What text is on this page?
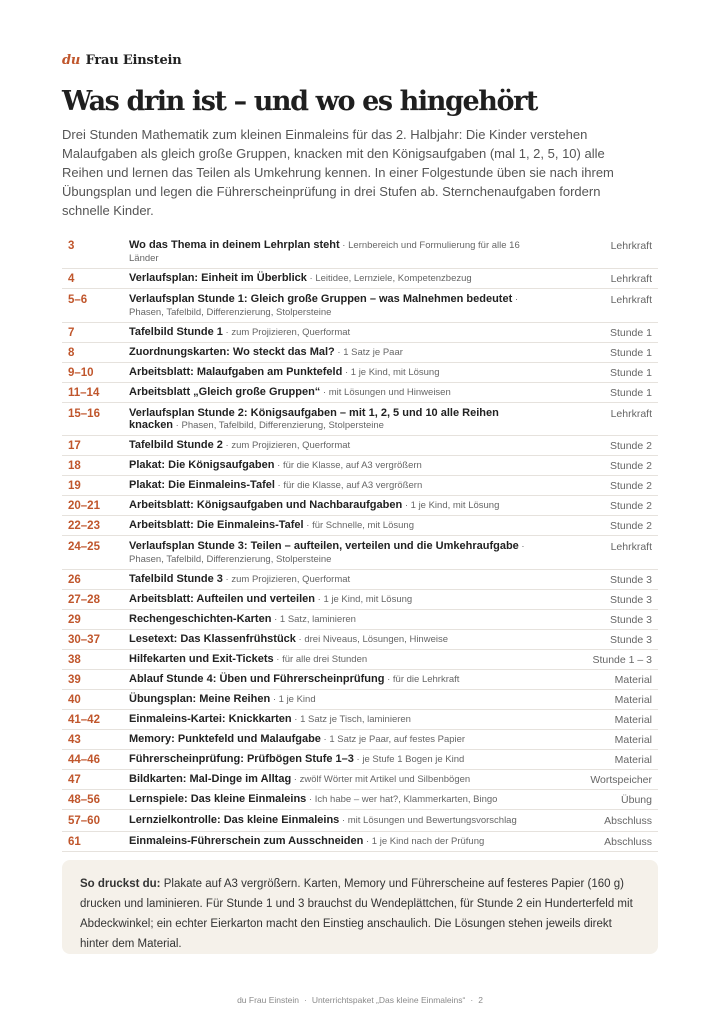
du Frau Einstein
Was drin ist – und wo es hingehört

Drei Stunden Mathematik zum kleinen Einmaleins für das 2. Halbjahr: Die Kinder verstehen Malaufgaben als gleich große Gruppen, knacken mit den Königsaufgaben (mal 1, 2, 5, 10) alle Reihen und lernen das Teilen als Umkehrung kennen. In einer Folgestunde üben sie nach ihrem Übungsplan und legen die Führerscheinprüfung in drei Stufen ab. Sternchenaufgaben fordern schnelle Kinder.

3	Wo das Thema in deinem Lehrplan steht · Lernbereich und Formulierung für alle 16 Länder	Lehrkraft
4	Verlaufsplan: Einheit im Überblick · Leitidee, Lernziele, Kompetenzbezug	Lehrkraft
5–6	Verlaufsplan Stunde 1: Gleich große Gruppen – was Malnehmen bedeutet · Phasen, Tafelbild, Differenzierung, Stolpersteine	Lehrkraft
7	Tafelbild Stunde 1 · zum Projizieren, Querformat	Stunde 1
8	Zuordnungskarten: Wo steckt das Mal? · 1 Satz je Paar	Stunde 1
9–10	Arbeitsblatt: Malaufgaben am Punktefeld · 1 je Kind, mit Lösung	Stunde 1
11–14	Arbeitsblatt „Gleich große Gruppen“ · mit Lösungen und Hinweisen	Stunde 1
15–16	Verlaufsplan Stunde 2: Königsaufgaben – mit 1, 2, 5 und 10 alle Reihen knacken · Phasen, Tafelbild, Differenzierung, Stolpersteine	Lehrkraft
17	Tafelbild Stunde 2 · zum Projizieren, Querformat	Stunde 2
18	Plakat: Die Königsaufgaben · für die Klasse, auf A3 vergrößern	Stunde 2
19	Plakat: Die Einmaleins-Tafel · für die Klasse, auf A3 vergrößern	Stunde 2
20–21	Arbeitsblatt: Königsaufgaben und Nachbaraufgaben · 1 je Kind, mit Lösung	Stunde 2
22–23	Arbeitsblatt: Die Einmaleins-Tafel · für Schnelle, mit Lösung	Stunde 2
24–25	Verlaufsplan Stunde 3: Teilen – aufteilen, verteilen und die Umkehraufgabe · Phasen, Tafelbild, Differenzierung, Stolpersteine	Lehrkraft
26	Tafelbild Stunde 3 · zum Projizieren, Querformat	Stunde 3
27–28	Arbeitsblatt: Aufteilen und verteilen · 1 je Kind, mit Lösung	Stunde 3
29	Rechengeschichten-Karten · 1 Satz, laminieren	Stunde 3
30–37	Lesetext: Das Klassenfrühstück · drei Niveaus, Lösungen, Hinweise	Stunde 3
38	Hilfekarten und Exit-Tickets · für alle drei Stunden	Stunde 1 – 3
39	Ablauf Stunde 4: Üben und Führerscheinprüfung · für die Lehrkraft	Material
40	Übungsplan: Meine Reihen · 1 je Kind	Material
41–42	Einmaleins-Kartei: Knickkarten · 1 Satz je Tisch, laminieren	Material
43	Memory: Punktefeld und Malaufgabe · 1 Satz je Paar, auf festes Papier	Material
44–46	Führerscheinprüfung: Prüfbögen Stufe 1–3 · je Stufe 1 Bogen je Kind	Material
47	Bildkarten: Mal-Dinge im Alltag · zwölf Wörter mit Artikel und Silbenbögen	Wortspeicher
48–56	Lernspiele: Das kleine Einmaleins · Ich habe – wer hat?, Klammerkarten, Bingo	Übung
57–60	Lernzielkontrolle: Das kleine Einmaleins · mit Lösungen und Bewertungsvorschlag	Abschluss
61	Einmaleins-Führerschein zum Ausschneiden · 1 je Kind nach der Prüfung	Abschluss
So druckst du: Plakate auf A3 vergrößern. Karten, Memory und Führerscheine auf festeres Papier (160 g) drucken und laminieren. Für Stunde 1 und 3 brauchst du Wendeplättchen, für Stunde 2 ein Hunderterfeld mit Abdeckwinkel; ein echter Eierkarton macht den Einstieg anschaulich. Die Lösungen stehen jeweils direkt hinter dem Material.
du Frau Einstein · Unterrichtspaket „Das kleine Einmaleins“ · 2
